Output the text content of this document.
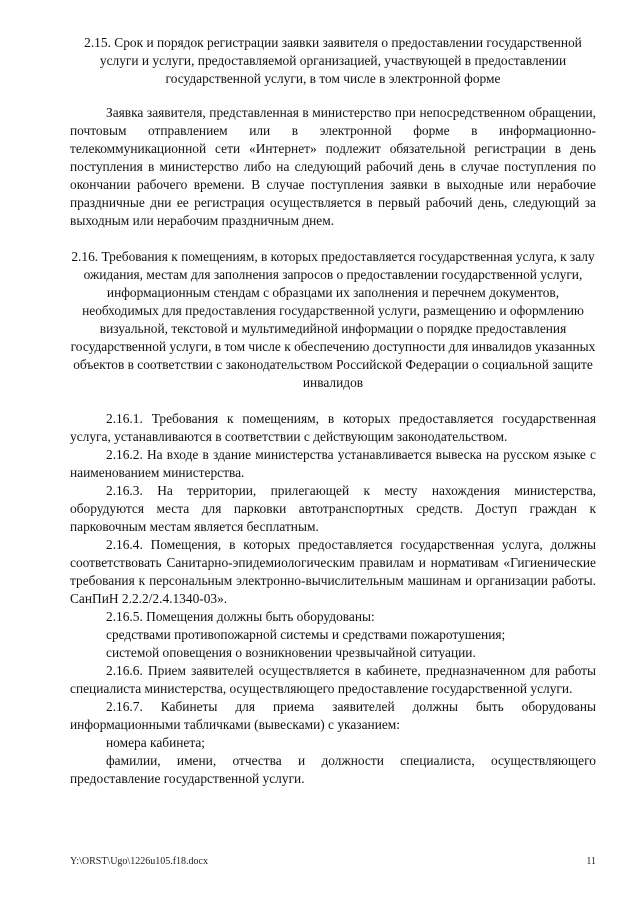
2.15. Срок и порядок регистрации заявки заявителя о предоставлении государственной услуги и услуги, предоставляемой организацией, участвующей в предоставлении государственной услуги, в том числе в электронной форме

Заявка заявителя, представленная в министерство при непосредственном обращении, почтовым отправлением или в электронной форме в информационно-телекоммуникационной сети «Интернет» подлежит обязательной регистрации в день поступления в министерство либо на следующий рабочий день в случае поступления по окончании рабочего времени. В случае поступления заявки в выходные или нерабочие праздничные дни ее регистрация осуществляется в первый рабочий день, следующий за выходным или нерабочим праздничным днем.

2.16. Требования к помещениям, в которых предоставляется государственная услуга, к залу ожидания, местам для заполнения запросов о предоставлении государственной услуги, информационным стендам с образцами их заполнения и перечнем документов, необходимых для предоставления государственной услуги, размещению и оформлению визуальной, текстовой и мультимедийной информации о порядке предоставления государственной услуги, в том числе к обеспечению доступности для инвалидов указанных объектов в соответствии с законодательством Российской Федерации о социальной защите инвалидов

2.16.1. Требования к помещениям, в которых предоставляется государственная услуга, устанавливаются в соответствии с действующим законодательством.

2.16.2. На входе в здание министерства устанавливается вывеска на русском языке с наименованием министерства.

2.16.3. На территории, прилегающей к месту нахождения министерства, оборудуются места для парковки автотранспортных средств. Доступ граждан к парковочным местам является бесплатным.

2.16.4. Помещения, в которых предоставляется государственная услуга, должны соответствовать Санитарно-эпидемиологическим правилам и нормативам «Гигиенические требования к персональным электронно-вычислительным машинам и организации работы. СанПиН 2.2.2/2.4.1340-03».

2.16.5. Помещения должны быть оборудованы:

средствами противопожарной системы и средствами пожаротушения;

системой оповещения о возникновении чрезвычайной ситуации.

2.16.6. Прием заявителей осуществляется в кабинете, предназначенном для работы специалиста министерства, осуществляющего предоставление государственной услуги.

2.16.7. Кабинеты для приема заявителей должны быть оборудованы информационными табличками (вывесками) с указанием:

номера кабинета;

фамилии, имени, отчества и должности специалиста, осуществляющего предоставление государственной услуги.

Y:\ORST\Ugo\1226u105.f18.docx	11
